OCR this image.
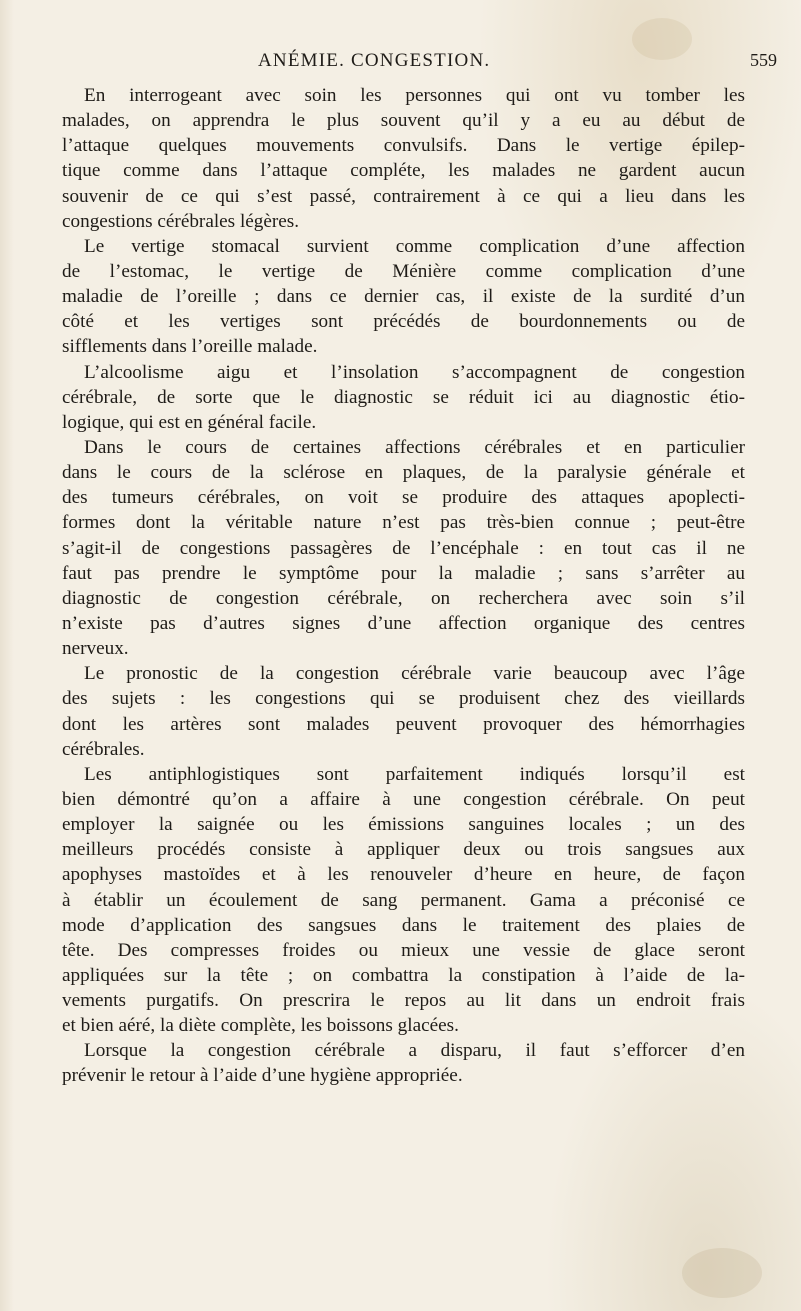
ANÉMIE. CONGESTION.	559

En interrogeant avec soin les personnes qui ont vu tomber les
malades, on apprendra le plus souvent qu’il y a eu au début de
l’attaque quelques mouvements convulsifs. Dans le vertige épilep-
tique comme dans l’attaque compléte, les malades ne gardent aucun
souvenir de ce qui s’est passé, contrairement à ce qui a lieu dans les
congestions cérébrales légères.

Le vertige stomacal survient comme complication d’une affection
de l’estomac, le vertige de Ménière comme complication d’une
maladie de l’oreille ; dans ce dernier cas, il existe de la surdité d’un
côté et les vertiges sont précédés de bourdonnements ou de
sifflements dans l’oreille malade.

L’alcoolisme aigu et l’insolation s’accompagnent de congestion
cérébrale, de sorte que le diagnostic se réduit ici au diagnostic étio-
logique, qui est en général facile.

Dans le cours de certaines affections cérébrales et en particulier
dans le cours de la sclérose en plaques, de la paralysie générale et
des tumeurs cérébrales, on voit se produire des attaques apoplecti-
formes dont la véritable nature n’est pas très-bien connue ; peut-être
s’agit-il de congestions passagères de l’encéphale : en tout cas il ne
faut pas prendre le symptôme pour la maladie ; sans s’arrêter au
diagnostic de congestion cérébrale, on recherchera avec soin s’il
n’existe pas d’autres signes d’une affection organique des centres
nerveux.

Le pronostic de la congestion cérébrale varie beaucoup avec l’âge
des sujets : les congestions qui se produisent chez des vieillards
dont les artères sont malades peuvent provoquer des hémorrhagies
cérébrales.

Les antiphlogistiques sont parfaitement indiqués lorsqu’il est
bien démontré qu’on a affaire à une congestion cérébrale. On peut
employer la saignée ou les émissions sanguines locales ; un des
meilleurs procédés consiste à appliquer deux ou trois sangsues aux
apophyses mastoïdes et à les renouveler d’heure en heure, de façon
à établir un écoulement de sang permanent. Gama a préconisé ce
mode d’application des sangsues dans le traitement des plaies de
tête. Des compresses froides ou mieux une vessie de glace seront
appliquées sur la tête ; on combattra la constipation à l’aide de la-
vements purgatifs. On prescrira le repos au lit dans un endroit frais
et bien aéré, la diète complète, les boissons glacées.

Lorsque la congestion cérébrale a disparu, il faut s’efforcer d’en
prévenir le retour à l’aide d’une hygiène appropriée.
